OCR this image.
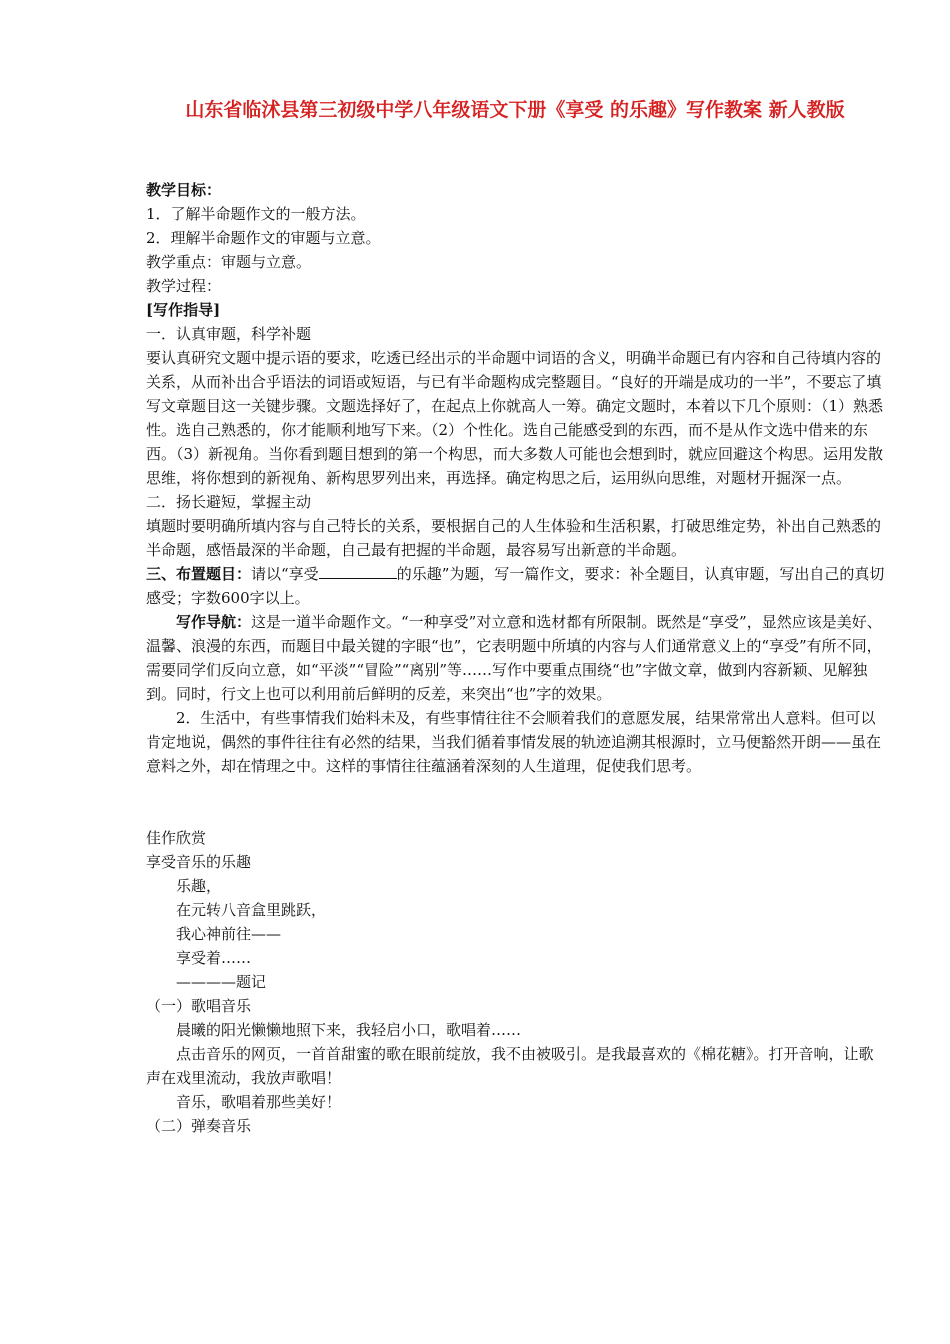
山东省临沭县第三初级中学八年级语文下册《享受 的乐趣》写作教案 新人教版

教学目标：

1．了解半命题作文的一般方法。

2．理解半命题作文的审题与立意。

教学重点：审题与立意。

教学过程：

[写作指导]

一．认真审题，科学补题

要认真研究文题中提示语的要求，吃透已经出示的半命题中词语的含义，明确半命题已有内容和自己待填内容的关系，从而补出合乎语法的词语或短语，与已有半命题构成完整题目。“良好的开端是成功的一半”，不要忘了填写文章题目这一关键步骤。文题选择好了，在起点上你就高人一筹。确定文题时，本着以下几个原则：（1）熟悉性。选自己熟悉的，你才能顺利地写下来。（2）个性化。选自己能感受到的东西，而不是从作文选中借来的东西。（3）新视角。当你看到题目想到的第一个构思，而大多数人可能也会想到时，就应回避这个构思。运用发散思维，将你想到的新视角、新构思罗列出来，再选择。确定构思之后，运用纵向思维，对题材开掘深一点。

二．扬长避短，掌握主动

填题时要明确所填内容与自己特长的关系，要根据自己的人生体验和生活积累，打破思维定势，补出自己熟悉的半命题，感悟最深的半命题，自己最有把握的半命题，最容易写出新意的半命题。

三、布置题目：请以“享受	的乐趣”为题，写一篇作文，要求：补全题目，认真审题，写出自己的真切感受；字数600字以上。

写作导航：这是一道半命题作文。“一种享受”对立意和选材都有所限制。既然是“享受”，显然应该是美好、温馨、浪漫的东西，而题目中最关键的字眼“也”，它表明题中所填的内容与人们通常意义上的“享受”有所不同，需要同学们反向立意，如“平淡”“冒险”“离别”等……写作中要重点围绕“也”字做文章，做到内容新颖、见解独到。同时，行文上也可以利用前后鲜明的反差，来突出“也”字的效果。

2．生活中，有些事情我们始料未及，有些事情往往不会顺着我们的意愿发展，结果常常出人意料。但可以肯定地说，偶然的事件往往有必然的结果，当我们循着事情发展的轨迹追溯其根源时，立马便豁然开朗——虽在意料之外，却在情理之中。这样的事情往往蕴涵着深刻的人生道理，促使我们思考。

佳作欣赏

享受音乐的乐趣

乐趣，

在元转八音盒里跳跃，

我心神前往——

享受着……

————题记

（一）歌唱音乐

晨曦的阳光懒懒地照下来，我轻启小口，歌唱着……

点击音乐的网页，一首首甜蜜的歌在眼前绽放，我不由被吸引。是我最喜欢的《棉花糖》。打开音响，让歌声在戏里流动，我放声歌唱！

音乐，歌唱着那些美好！

（二）弹奏音乐
